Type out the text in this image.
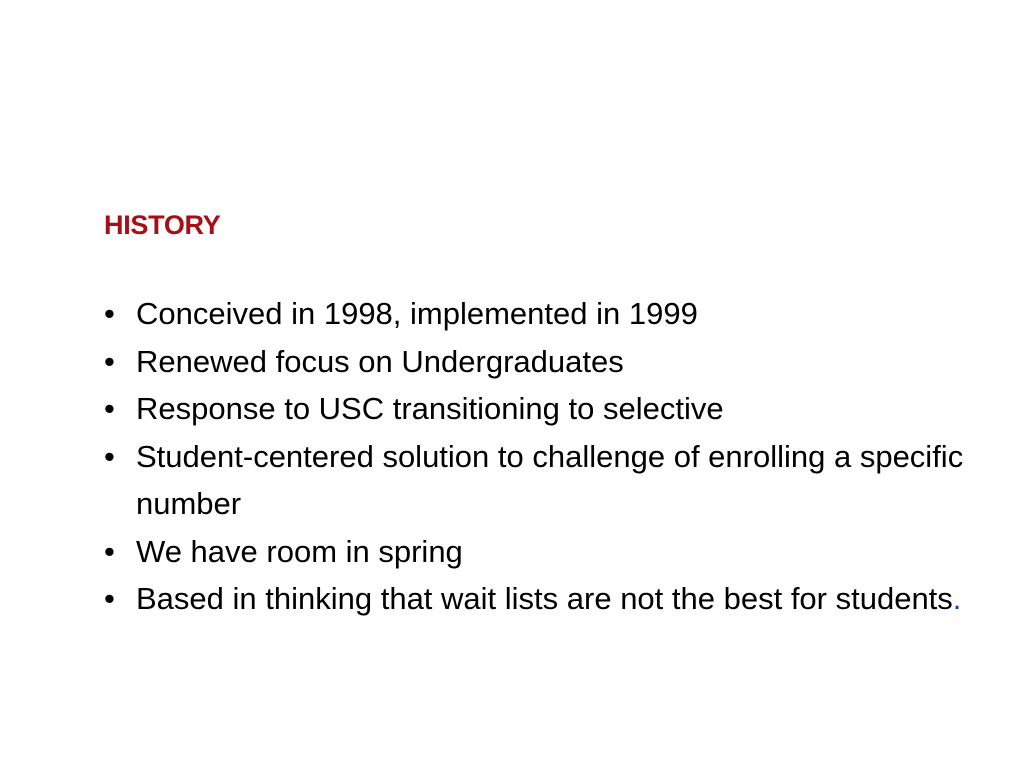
HISTORY
• Conceived in 1998, implemented in 1999
• Renewed focus on Undergraduates
• Response to USC transitioning to selective
• Student-centered solution to challenge of enrolling a specific number
• We have room in spring
• Based in thinking that wait lists are not the best for students.
